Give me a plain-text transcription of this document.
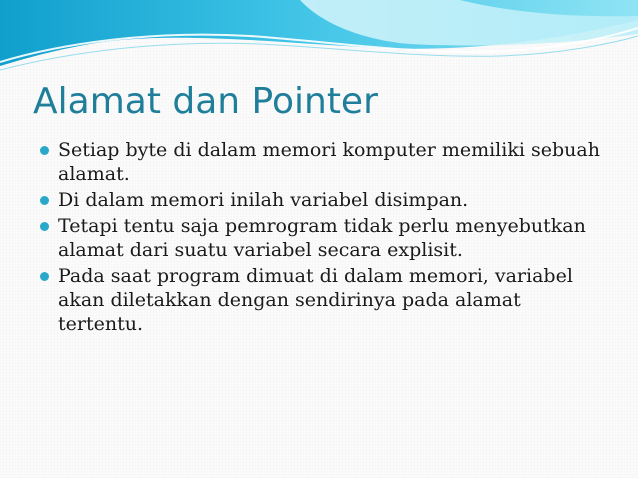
Alamat dan Pointer
Setiap byte di dalam memori komputer memiliki sebuah alamat.
Di dalam memori inilah variabel disimpan.
Tetapi tentu saja pemrogram tidak perlu menyebutkan alamat dari suatu variabel secara explisit.
Pada saat program dimuat di dalam memori, variabel akan diletakkan dengan sendirinya pada alamat tertentu.
